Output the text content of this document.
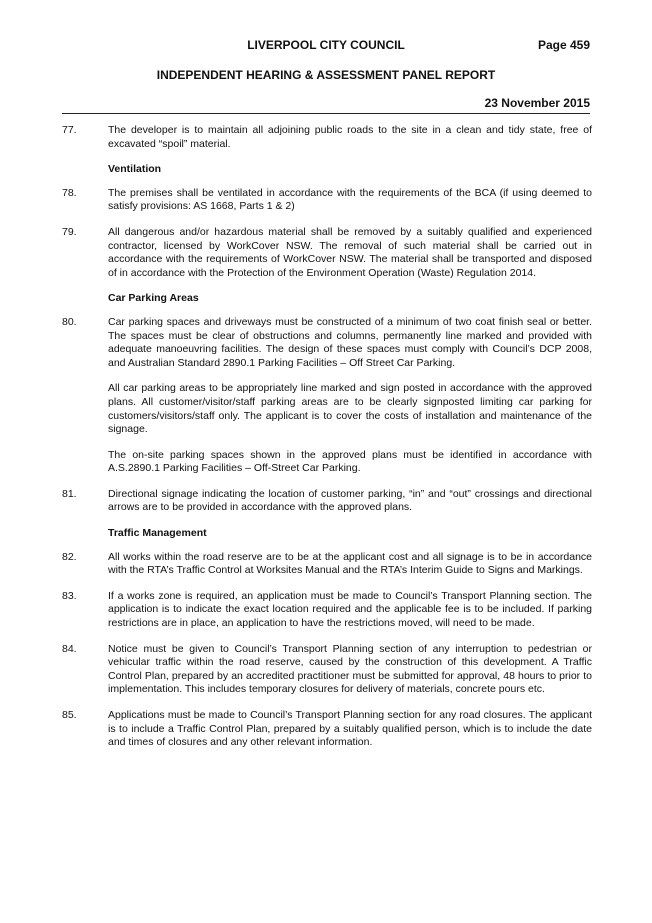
LIVERPOOL CITY COUNCIL	Page 459
INDEPENDENT HEARING & ASSESSMENT PANEL REPORT
23 November 2015
77.	The developer is to maintain all adjoining public roads to the site in a clean and tidy state, free of excavated “spoil” material.
Ventilation
78.	The premises shall be ventilated in accordance with the requirements of the BCA (if using deemed to satisfy provisions: AS 1668, Parts 1 & 2)
79.	All dangerous and/or hazardous material shall be removed by a suitably qualified and experienced contractor, licensed by WorkCover NSW. The removal of such material shall be carried out in accordance with the requirements of WorkCover NSW. The material shall be transported and disposed of in accordance with the Protection of the Environment Operation (Waste) Regulation 2014.
Car Parking Areas
80.	Car parking spaces and driveways must be constructed of a minimum of two coat finish seal or better. The spaces must be clear of obstructions and columns, permanently line marked and provided with adequate manoeuvring facilities. The design of these spaces must comply with Council’s DCP 2008, and Australian Standard 2890.1 Parking Facilities – Off Street Car Parking.
All car parking areas to be appropriately line marked and sign posted in accordance with the approved plans. All customer/visitor/staff parking areas are to be clearly signposted limiting car parking for customers/visitors/staff only. The applicant is to cover the costs of installation and maintenance of the signage.
The on-site parking spaces shown in the approved plans must be identified in accordance with A.S.2890.1 Parking Facilities – Off-Street Car Parking.
81.	Directional signage indicating the location of customer parking, “in” and “out” crossings and directional arrows are to be provided in accordance with the approved plans.
Traffic Management
82.	All works within the road reserve are to be at the applicant cost and all signage is to be in accordance with the RTA’s Traffic Control at Worksites Manual and the RTA’s Interim Guide to Signs and Markings.
83.	If a works zone is required, an application must be made to Council’s Transport Planning section. The application is to indicate the exact location required and the applicable fee is to be included. If parking restrictions are in place, an application to have the restrictions moved, will need to be made.
84.	Notice must be given to Council’s Transport Planning section of any interruption to pedestrian or vehicular traffic within the road reserve, caused by the construction of this development. A Traffic Control Plan, prepared by an accredited practitioner must be submitted for approval, 48 hours to prior to implementation. This includes temporary closures for delivery of materials, concrete pours etc.
85.	Applications must be made to Council’s Transport Planning section for any road closures. The applicant is to include a Traffic Control Plan, prepared by a suitably qualified person, which is to include the date and times of closures and any other relevant information.
